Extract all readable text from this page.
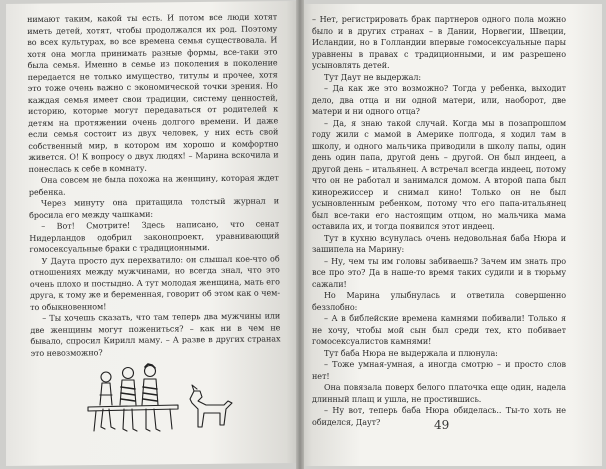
нимают таким, какой ты есть. И потом все люди хотят иметь детей, хотят, чтобы продолжался их род. Поэтому во всех культурах, во все времена семья существовала. И хотя она могла принимать разные формы, все-таки это была семья. Именно в семье из поколения в поколение передается не только имущество, титулы и прочее, хотя это тоже очень важно с экономической точки зрения. Но каждая семья имеет свои традиции, систему ценностей, историю, которые могут передаваться от родителей к детям на протяжении очень долгого времени. И даже если семья состоит из двух человек, у них есть свой собственный мир, в котором им хорошо и комфортно живется. О! К вопросу о двух людях! – Марина вскочила и понеслась к себе в комнату.

Она совсем не была похожа на женщину, которая ждет ребенка.

Через минуту она притащила толстый журнал и бросила его между чашками:

– Вот! Смотрите! Здесь написано, что сенат Нидерландов одобрил законопроект, уравнивающий гомосексуальные браки с традиционными.

У Даута просто дух перехватило: он слышал кое-что об отношениях между мужчинами, но всегда знал, что это очень плохо и постыдно. А тут молодая женщина, мать его друга, к тому же и беременная, говорит об этом как о чем-то обыкновенном!

– Ты хочешь сказать, что там теперь два мужчины или две женщины могут пожениться? – как ни в чем не бывало, спросил Кирилл маму. – А разве в других странах это невозможно?

– Нет, регистрировать брак партнеров одного пола можно было и в других странах – в Дании, Норвегии, Швеции, Исландии, но в Голландии впервые гомосексуальные пары уравнены в правах с традиционными, и им разрешено усыновлять детей.

Тут Даут не выдержал:

– Да как же это возможно? Тогда у ребенка, выходит дело, два отца и ни одной матери, или, наоборот, две матери и ни одного отца?

– Да, я знаю такой случай. Когда мы в позапрошлом году жили с мамой в Америке полгода, я ходил там в школу, и одного мальчика приводили в школу папы, один день один папа, другой день – другой. Он был индеец, а другой день – итальянец. А встречал всегда индеец, потому что он не работал и занимался домом. А второй папа был кинорежиссер и снимал кино! Только он не был усыновленным ребенком, потому что его папа-итальянец был все-таки его настоящим отцом, но мальчика мама оставила их, и тогда появился этот индеец.

Тут в кухню всунулась очень недовольная баба Нюра и зашипела на Марину:

– Ну, чем ты им головы забиваешь? Зачем им знать про все про это? Да в наше-то время таких судили и в тюрьму сажали!

Но Марина улыбнулась и ответила совершенно беззлобно:

– А в библейские времена камнями побивали! Только я не хочу, чтобы мой сын был среди тех, кто побивает гомосексуалистов камнями!

Тут баба Нюра не выдержала и плюнула:

– Тоже умная-умная, а иногда смотрю – и просто слов нет!

Она повязала поверх белого платочка еще один, надела длинный плащ и ушла, не простившись.

– Ну вот, теперь баба Нюра обиделась.. Ты-то хоть не обиделся, Даут?	49
